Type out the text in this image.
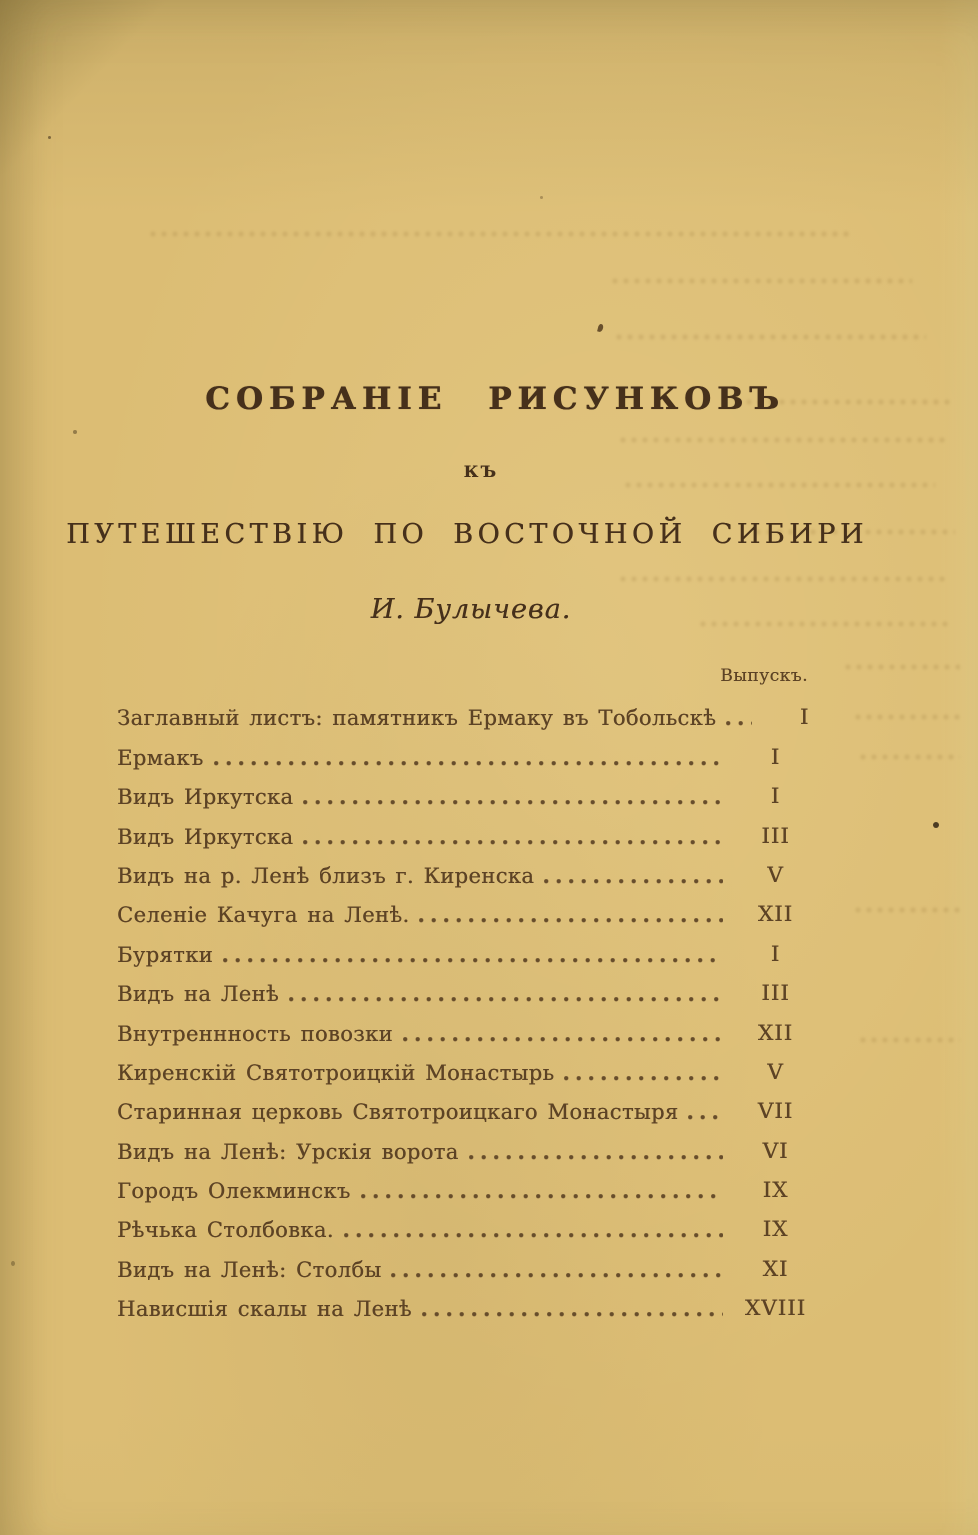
СОБРАНІЕ РИСУНКОВЪ
КЪ
ПУТЕШЕСТВІЮ ПО ВОСТОЧНОЙ СИБИРИ
И. Булычева.
Выпускъ.
Заглавный листъ: памятникъ Ермаку въ Тобольскѣ	I
Ермакъ	I
Видъ Иркутска	I
Видъ Иркутска	III
Видъ на р. Ленѣ близъ г. Киренска	V
Селеніе Качуга на Ленѣ.	XII
Бурятки	I
Видъ на Ленѣ	III
Внутреннность повозки	XII
Киренскій Святотроицкій Монастырь	V
Старинная церковь Святотроицкаго Монастыря	VII
Видъ на Ленѣ: Урскія ворота	VI
Городъ Олекминскъ	IX
Рѣчька Столбовка.	IX
Видъ на Ленѣ: Столбы	XI
Нависшія скалы на Ленѣ	XVIII
